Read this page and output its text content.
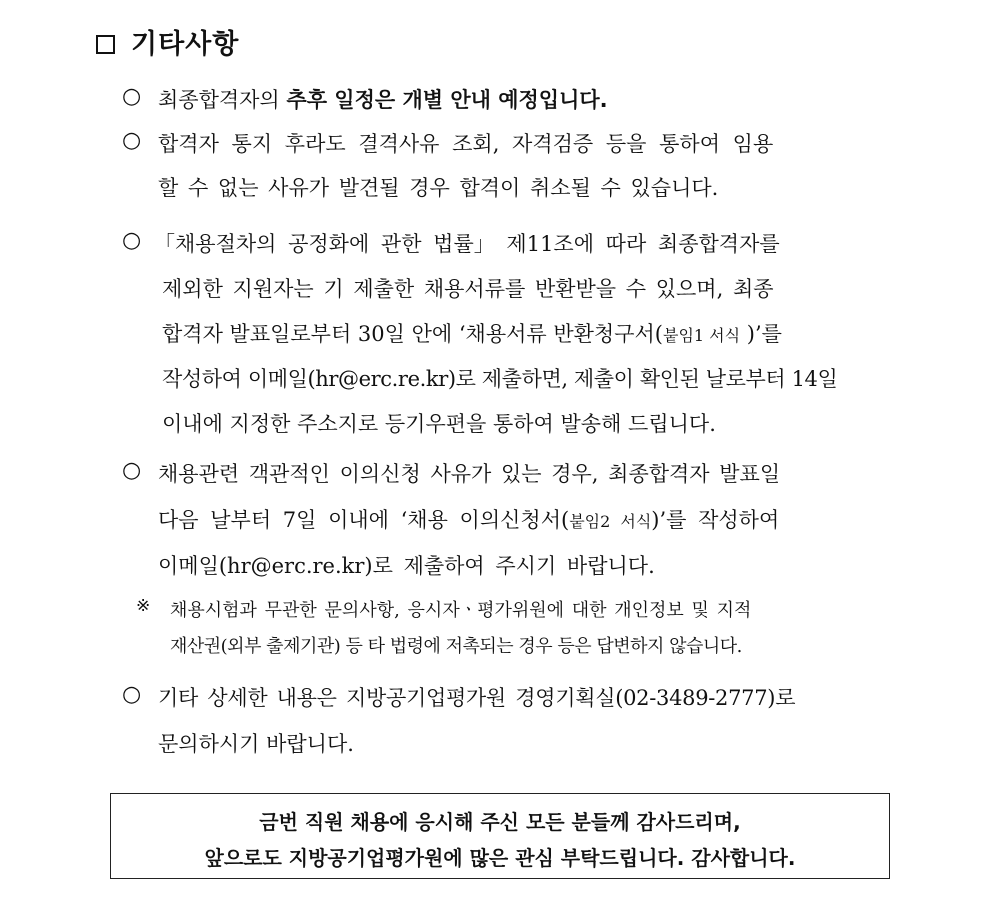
기타사항
○ 최종합격자의 추후 일정은 개별 안내 예정입니다.
○ 합격자 통지 후라도 결격사유 조회, 자격검증 등을 통하여 임용
할 수 없는 사유가 발견될 경우 합격이 취소될 수 있습니다.
○ 「채용절차의 공정화에 관한 법률」 제11조에 따라 최종합격자를
제외한 지원자는 기 제출한 채용서류를 반환받을 수 있으며, 최종
합격자 발표일로부터 30일 안에 ‘채용서류 반환청구서(붙임1 서식 )’를
작성하여 이메일(hr@erc.re.kr)로 제출하면, 제출이 확인된 날로부터 14일
이내에 지정한 주소지로 등기우편을 통하여 발송해 드립니다.
○ 채용관련 객관적인 이의신청 사유가 있는 경우, 최종합격자 발표일
다음 날부터 7일 이내에 ‘채용 이의신청서(붙임2 서식)’를 작성하여
이메일(hr@erc.re.kr)로 제출하여 주시기 바랍니다.
※ 채용시험과 무관한 문의사항, 응시자ㆍ평가위원에 대한 개인정보 및 지적
재산권(외부 출제기관) 등 타 법령에 저촉되는 경우 등은 답변하지 않습니다.
○ 기타 상세한 내용은 지방공기업평가원 경영기획실(02-3489-2777)로
문의하시기 바랍니다.
금번 직원 채용에 응시해 주신 모든 분들께 감사드리며,
앞으로도 지방공기업평가원에 많은 관심 부탁드립니다. 감사합니다.
